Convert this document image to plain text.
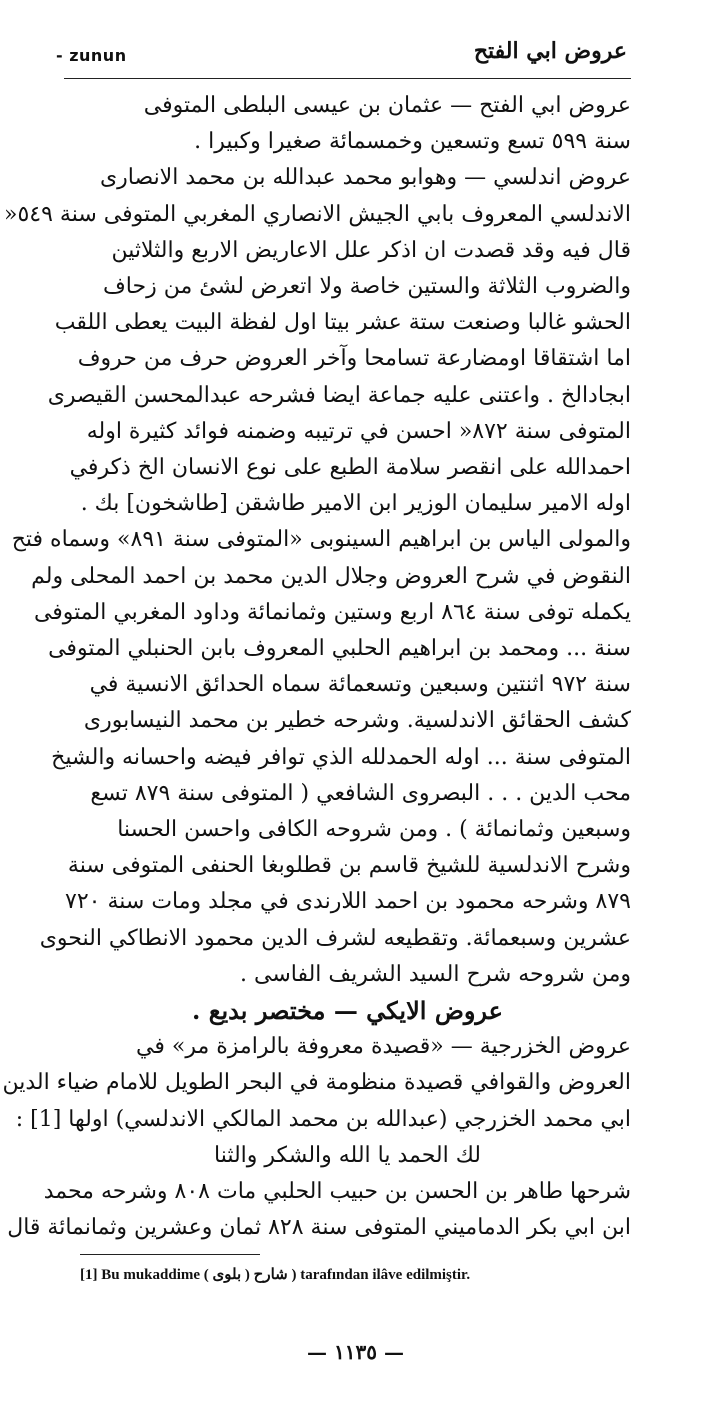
- zunun	عروض ابي الفتح
عروض ابي الفتح — عثمان بن عيسى البلطى المتوفى
سنة ٥٩٩ تسع وتسعين وخمسمائة صغيرا وكبيرا .
عروض اندلسي — وهوابو محمد عبدالله بن محمد الانصارى
الاندلسي المعروف بابي الجيش الانصاري المغربي المتوفى سنة ٥٤٩«
قال فيه وقد قصدت ان اذكر علل الاعاريض الاربع والثلاثين
والضروب الثلاثة والستين خاصة ولا اتعرض لشئ من زحاف
الحشو غالبا وصنعت ستة عشر بيتا اول لفظة البيت يعطى اللقب
اما اشتقاقا اومضارعة تسامحا وآخر العروض حرف من حروف
ابجادالخ . واعتنى عليه جماعة ايضا فشرحه عبدالمحسن القيصرى
المتوفى سنة ٨٧٢« احسن في ترتيبه وضمنه فوائد كثيرة اوله
احمدالله على انقصر سلامة الطبع على نوع الانسان الخ ذكرفي
اوله الامير سليمان الوزير ابن الامير طاشقن [طاشخون] بك .
والمولى الياس بن ابراهيم السينوبى «المتوفى سنة ٨٩١» وسماه فتح
النقوض في شرح العروض وجلال الدين محمد بن احمد المحلى ولم
يكمله توفى سنة ٨٦٤ اربع وستين وثمانمائة وداود المغربي المتوفى
سنة ... ومحمد بن ابراهيم الحلبي المعروف بابن الحنبلي المتوفى
سنة ٩٧٢ اثنتين وسبعين وتسعمائة سماه الحدائق الانسية في
كشف الحقائق الاندلسية. وشرحه خطير بن محمد النيسابورى
المتوفى سنة ... اوله الحمدلله الذي توافر فيضه واحسانه والشيخ
محب الدين . . . البصروى الشافعي ( المتوفى سنة ٨٧٩ تسع
وسبعين وثمانمائة ) . ومن شروحه الكافى واحسن الحسنا
وشرح الاندلسية للشيخ قاسم بن قطلوبغا الحنفى المتوفى سنة
٨٧٩ وشرحه محمود بن احمد اللارندى في مجلد ومات سنة ٧٢٠
عشرين وسبعمائة. وتقطيعه لشرف الدين محمود الانطاكي النحوى
ومن شروحه شرح السيد الشريف الفاسى .
عروض الايكي — مختصر بديع .
عروض الخزرجية — «قصيدة معروفة بالرامزة مر» في
العروض والقوافي قصيدة منظومة في البحر الطويل للامام ضياء الدين
ابي محمد الخزرجي (عبدالله بن محمد المالكي الاندلسي) اولها [1] :
لك الحمد يا الله والشكر والثنا
شرحها طاهر بن الحسن بن حبيب الحلبي مات ٨٠٨ وشرحه محمد
ابن ابي بكر الدماميني المتوفى سنة ٨٢٨ ثمان وعشرين وثمانمائة قال
[1] Bu mukaddime ( شارح ( بلوى ) tarafından ilâve edilmiştir.
— ١١٣٥ —
